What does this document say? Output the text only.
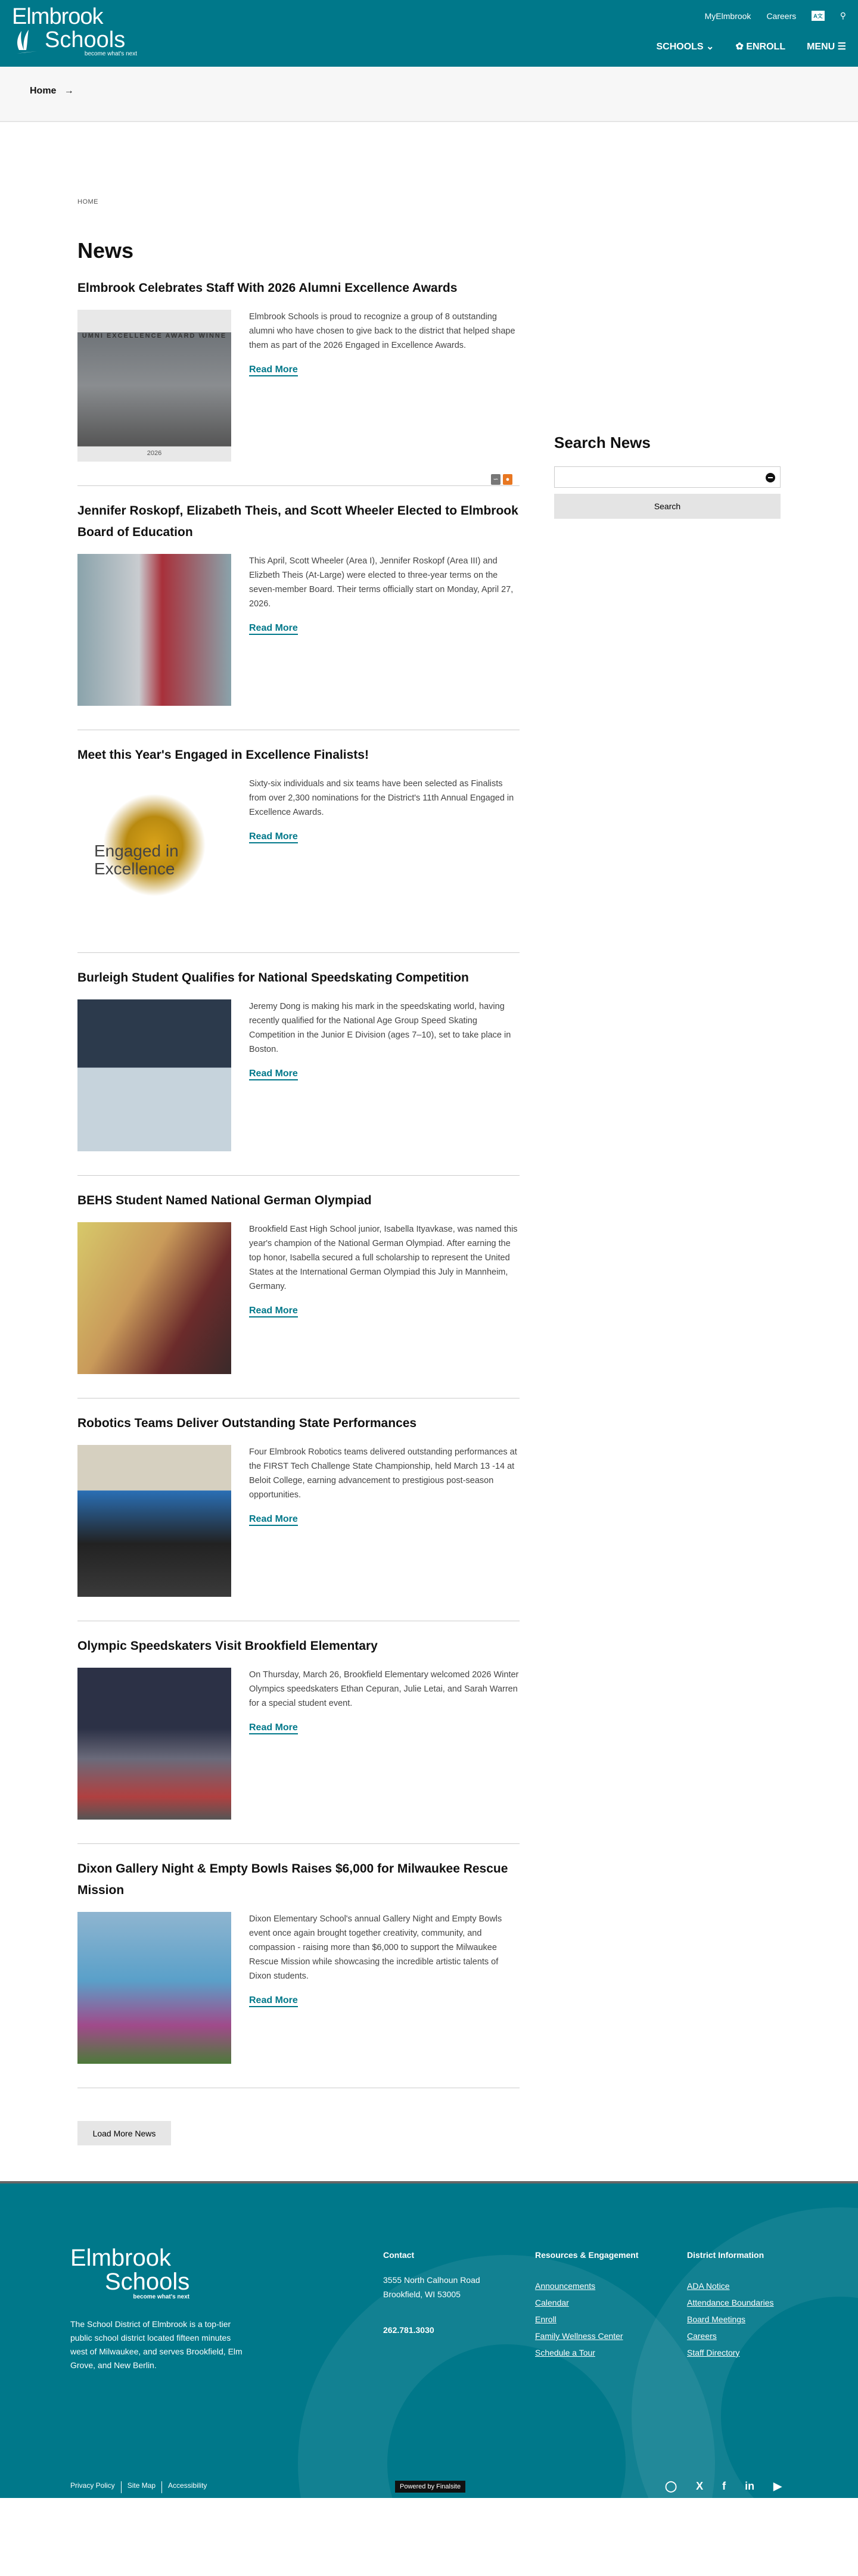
Elmbrook
Schools
become what's next
MyElmbrook Careers	A文 ⚲
SCHOOLS ⌄ ✿ ENROLL MENU ☰
Home   →
HOME
News
∽	●
Elmbrook Celebrates Staff With 2026 Alumni Excellence Awards
UMNI EXCELLENCE AWARD WINNE
2026

Elmbrook Schools is proud to recognize a group of 8 outstanding alumni who have chosen to give back to the district that helped shape them as part of the 2026 Engaged in Excellence Awards.

Read More
Jennifer Roskopf, Elizabeth Theis, and Scott Wheeler Elected to Elmbrook Board of Education

This April, Scott Wheeler (Area I), Jennifer Roskopf (Area III) and Elizbeth Theis (At-Large) were elected to three-year terms on the seven-member Board. Their terms officially start on Monday, April 27, 2026.

Read More
Meet this Year's Engaged in Excellence Finalists!
Engaged in Excellence

Sixty-six individuals and six teams have been selected as Finalists from over 2,300 nominations for the District's 11th Annual Engaged in Excellence Awards.

Read More
Burleigh Student Qualifies for National Speedskating Competition

Jeremy Dong is making his mark in the speedskating world, having recently qualified for the National Age Group Speed Skating Competition in the Junior E Division (ages 7–10), set to take place in Boston.

Read More
BEHS Student Named National German Olympiad

Brookfield East High School junior, Isabella Ityavkase, was named this year's champion of the National German Olympiad. After earning the top honor, Isabella secured a full scholarship to represent the United States at the International German Olympiad this July in Mannheim, Germany.

Read More
Robotics Teams Deliver Outstanding State Performances

Four Elmbrook Robotics teams delivered outstanding performances at the FIRST Tech Challenge State Championship, held March 13 -14 at Beloit College, earning advancement to prestigious post-season opportunities.

Read More
Olympic Speedskaters Visit Brookfield Elementary

On Thursday, March 26, Brookfield Elementary welcomed 2026 Winter Olympics speedskaters Ethan Cepuran, Julie Letai, and Sarah Warren for a special student event.

Read More
Dixon Gallery Night & Empty Bowls Raises $6,000 for Milwaukee Rescue Mission

Dixon Elementary School's annual Gallery Night and Empty Bowls event once again brought together creativity, community, and compassion - raising more than $6,000 to support the Milwaukee Rescue Mission while showcasing the incredible artistic talents of Dixon students.

Read More
Load More News
Search News
Search
Elmbrook
Schools
become what's next

The School District of Elmbrook is a top-tier public school district located fifteen minutes west of Milwaukee, and serves Brookfield, Elm Grove, and New Berlin.

Contact
3555 North Calhoun Road
Brookfield, WI 53005
262.781.3030
Resources & Engagement
Announcements
Calendar
Enroll
Family Wellness Center
Schedule a Tour
District Information
ADA Notice
Attendance Boundaries
Board Meetings
Careers
Staff Directory
Privacy Policy Site Map Accessibility	Powered by Finalsite	◯ X f in ▶
